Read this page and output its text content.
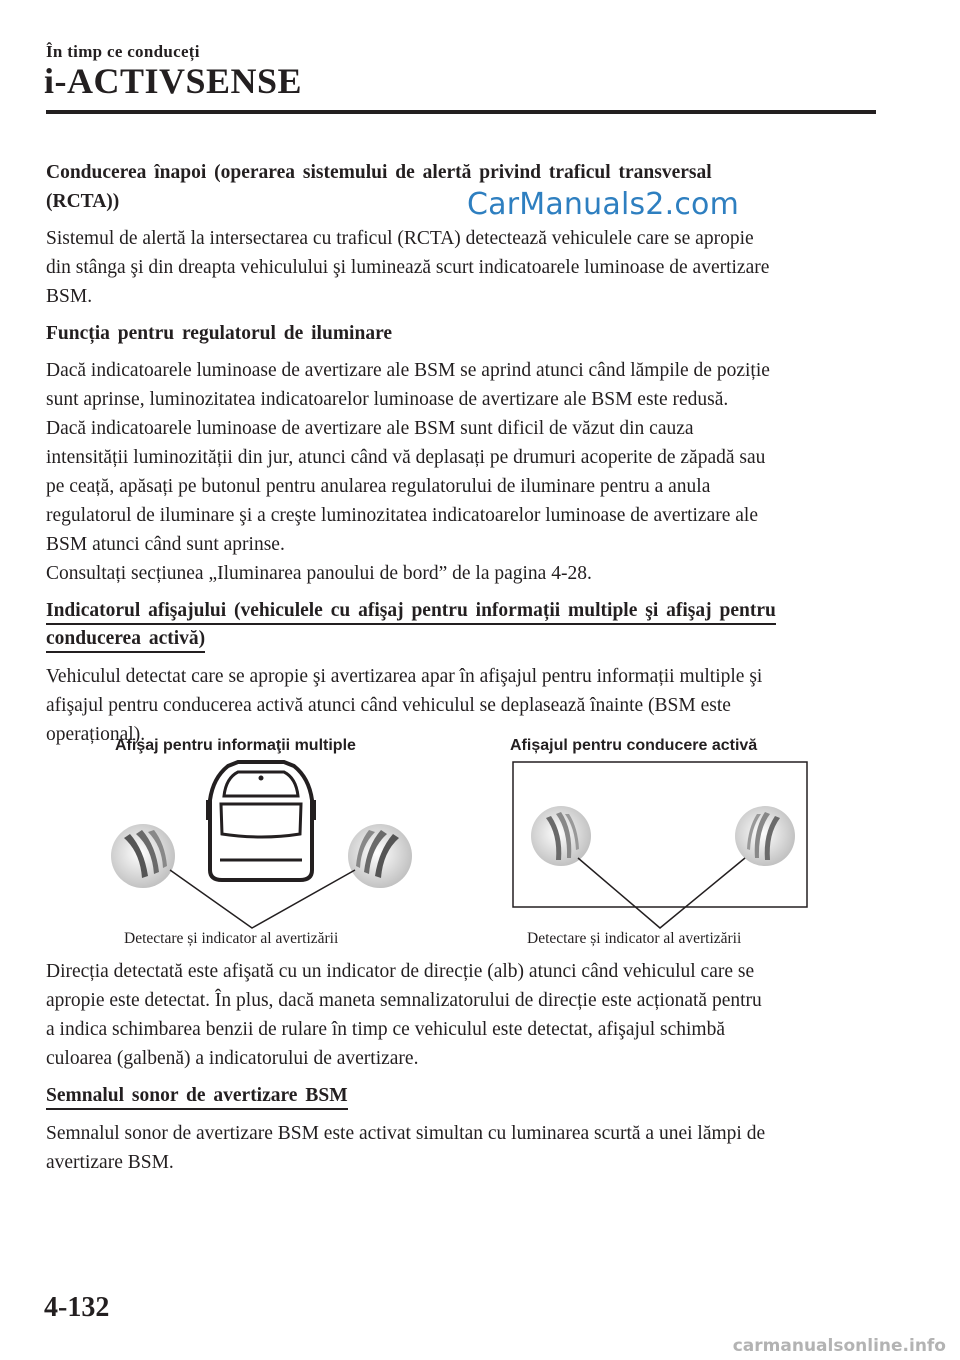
În timp ce conduceți
i-ACTIVSENSE
CarManuals2.com

Conducerea înapoi (operarea sistemului de alertă privind traficul transversal

(RCTA))

Sistemul de alertă la intersectarea cu traficul (RCTA) detectează vehiculele care se apropie

din stânga şi din dreapta vehiculului şi luminează scurt indicatoarele luminoase de avertizare

BSM.

Funcția pentru regulatorul de iluminare

Dacă indicatoarele luminoase de avertizare ale BSM se aprind atunci când lămpile de poziție

sunt aprinse, luminozitatea indicatoarelor luminoase de avertizare ale BSM este redusă.

Dacă indicatoarele luminoase de avertizare ale BSM sunt dificil de văzut din cauza

intensității luminozității din jur, atunci când vă deplasați pe drumuri acoperite de zăpadă sau

pe ceață, apăsați pe butonul pentru anularea regulatorului de iluminare pentru a anula

regulatorul de iluminare şi a creşte luminozitatea indicatoarelor luminoase de avertizare ale

BSM atunci când sunt aprinse.

Consultați secțiunea „Iluminarea panoului de bord” de la pagina 4-28.

Indicatorul afişajului (vehiculele cu afişaj pentru informații multiple şi afişaj pentru

conducerea activă)

Vehiculul detectat care se apropie şi avertizarea apar în afişajul pentru informații multiple şi

afişajul pentru conducerea activă atunci când vehiculul se deplasează înainte (BSM este

operațional).

Afişaj pentru informaţii multiple	Afișajul pentru conducere activă
Detectare și indicator al avertizării	Detectare și indicator al avertizării

Direcția detectată este afişată cu un indicator de direcție (alb) atunci când vehiculul care se

apropie este detectat. În plus, dacă maneta semnalizatorului de direcție este acționată pentru

a indica schimbarea benzii de rulare în timp ce vehiculul este detectat, afişajul schimbă

culoarea (galbenă) a indicatorului de avertizare.

Semnalul sonor de avertizare BSM

Semnalul sonor de avertizare BSM este activat simultan cu luminarea scurtă a unei lămpi de

avertizare BSM.

4-132
carmanualsonline.info
